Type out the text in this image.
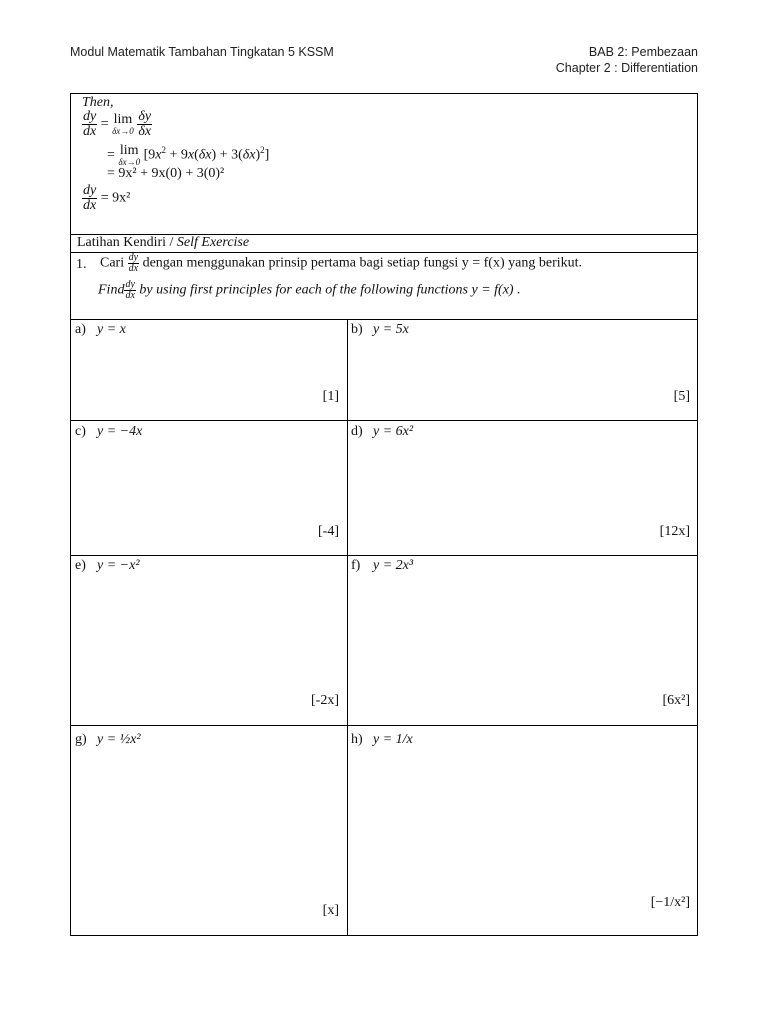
Modul Matematik Tambahan Tingkatan 5 KSSM	BAB 2: Pembezaan
Chapter 2 : Differentiation
Then,
$\frac{dy}{dx} = \lim$
δx→0
$\frac{\delta y}{\delta x}$
= lim
δx→0 $[9x^2 + 9x(\delta x) + 3(\delta x)^2]$
= 9x² + 9x(0) + 3(0)²
$\frac{dy}{dx} = 9x^2$
Latihan Kendiri / Self Exercise
1. Cari $\frac{dy}{dx}$ dengan menggunakan prinsip pertama bagi setiap fungsi y = f(x) yang berikut.
Find $\frac{dy}{dx}$ by using first principles for each of the following functions y = f(x) .
a) y = x
[1]
b) y = 5x
[5]
c) y = −4x
[-4]
d) y = 6x²
[12x]
e) y = −x²
[-2x]
f) y = 2x³
[6x²]
g) y = ½x²
[x]
h) y = 1/x
[−1/x²]
